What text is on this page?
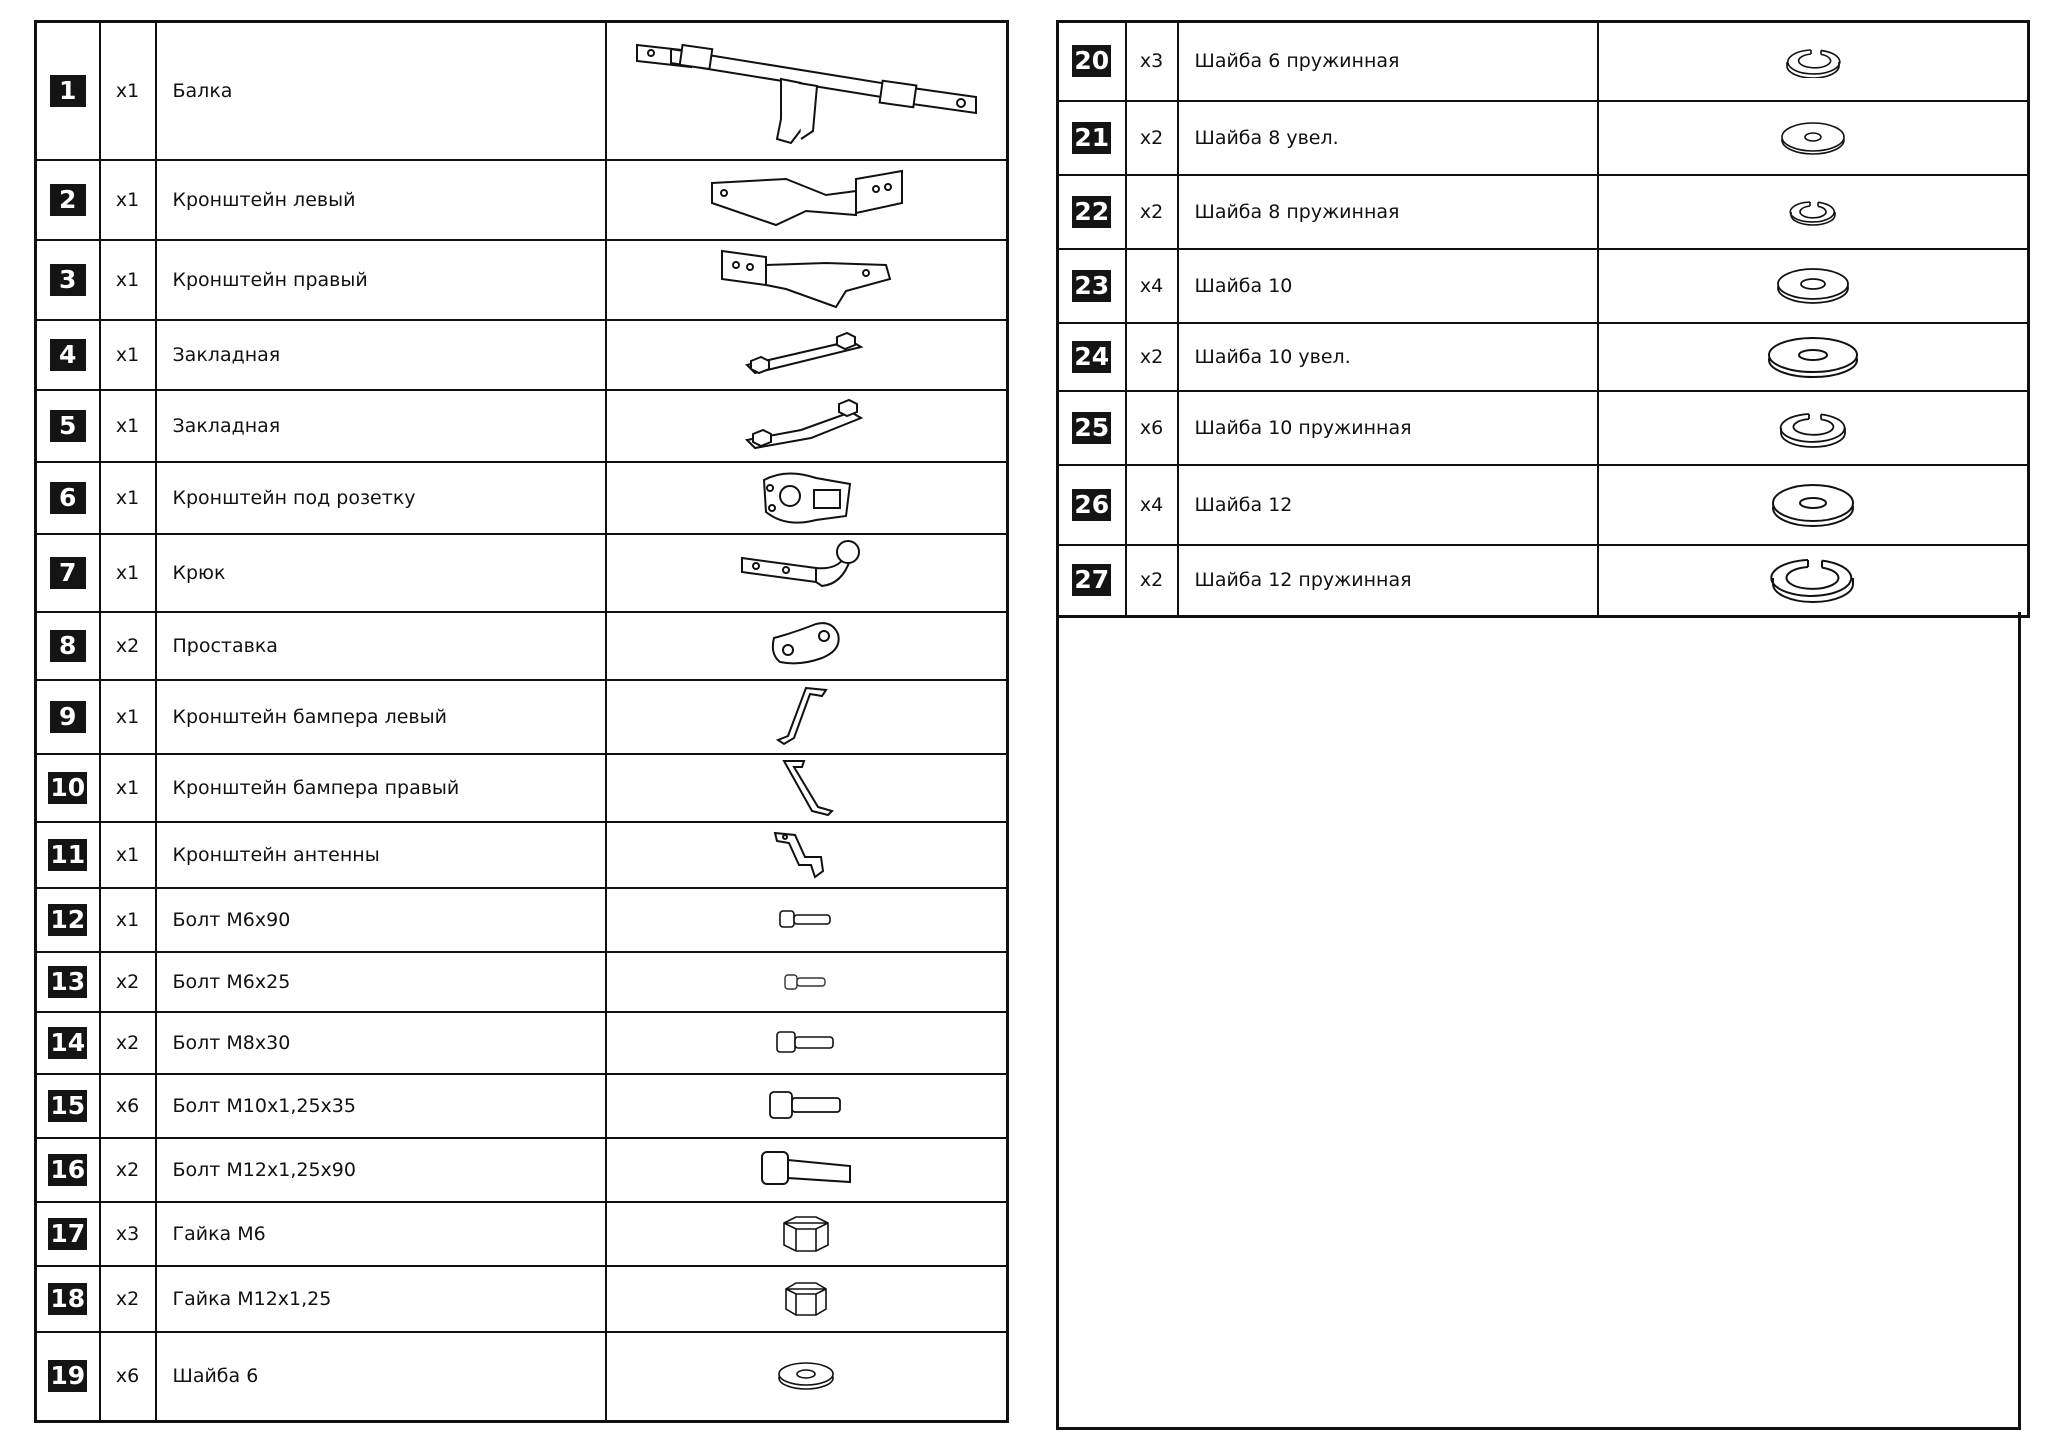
1	x1	Балка	

2	x1	Кронштейн левый	

3	x1	Кронштейн правый	

4	x1	Закладная	

5	x1	Закладная	

6	x1	Кронштейн под розетку	

7	x1	Крюк	

8	x2	Проставка	

9	x1	Кронштейн бампера левый	

10	x1	Кронштейн бампера правый	

11	x1	Кронштейн антенны	

12	x1	Болт М6х90	

13	x2	Болт М6х25	

14	x2	Болт М8х30	

15	x6	Болт М10х1,25х35	

16	x2	Болт М12х1,25х90	

17	x3	Гайка М6	

18	x2	Гайка М12х1,25	

19	x6	Шайба 6	
20	x3	Шайба 6 пружинная	

21	x2	Шайба 8 увел.	

22	x2	Шайба 8 пружинная	

23	x4	Шайба 10	

24	x2	Шайба 10 увел.	

25	x6	Шайба 10 пружинная	

26	x4	Шайба 12	

27	x2	Шайба 12 пружинная	
